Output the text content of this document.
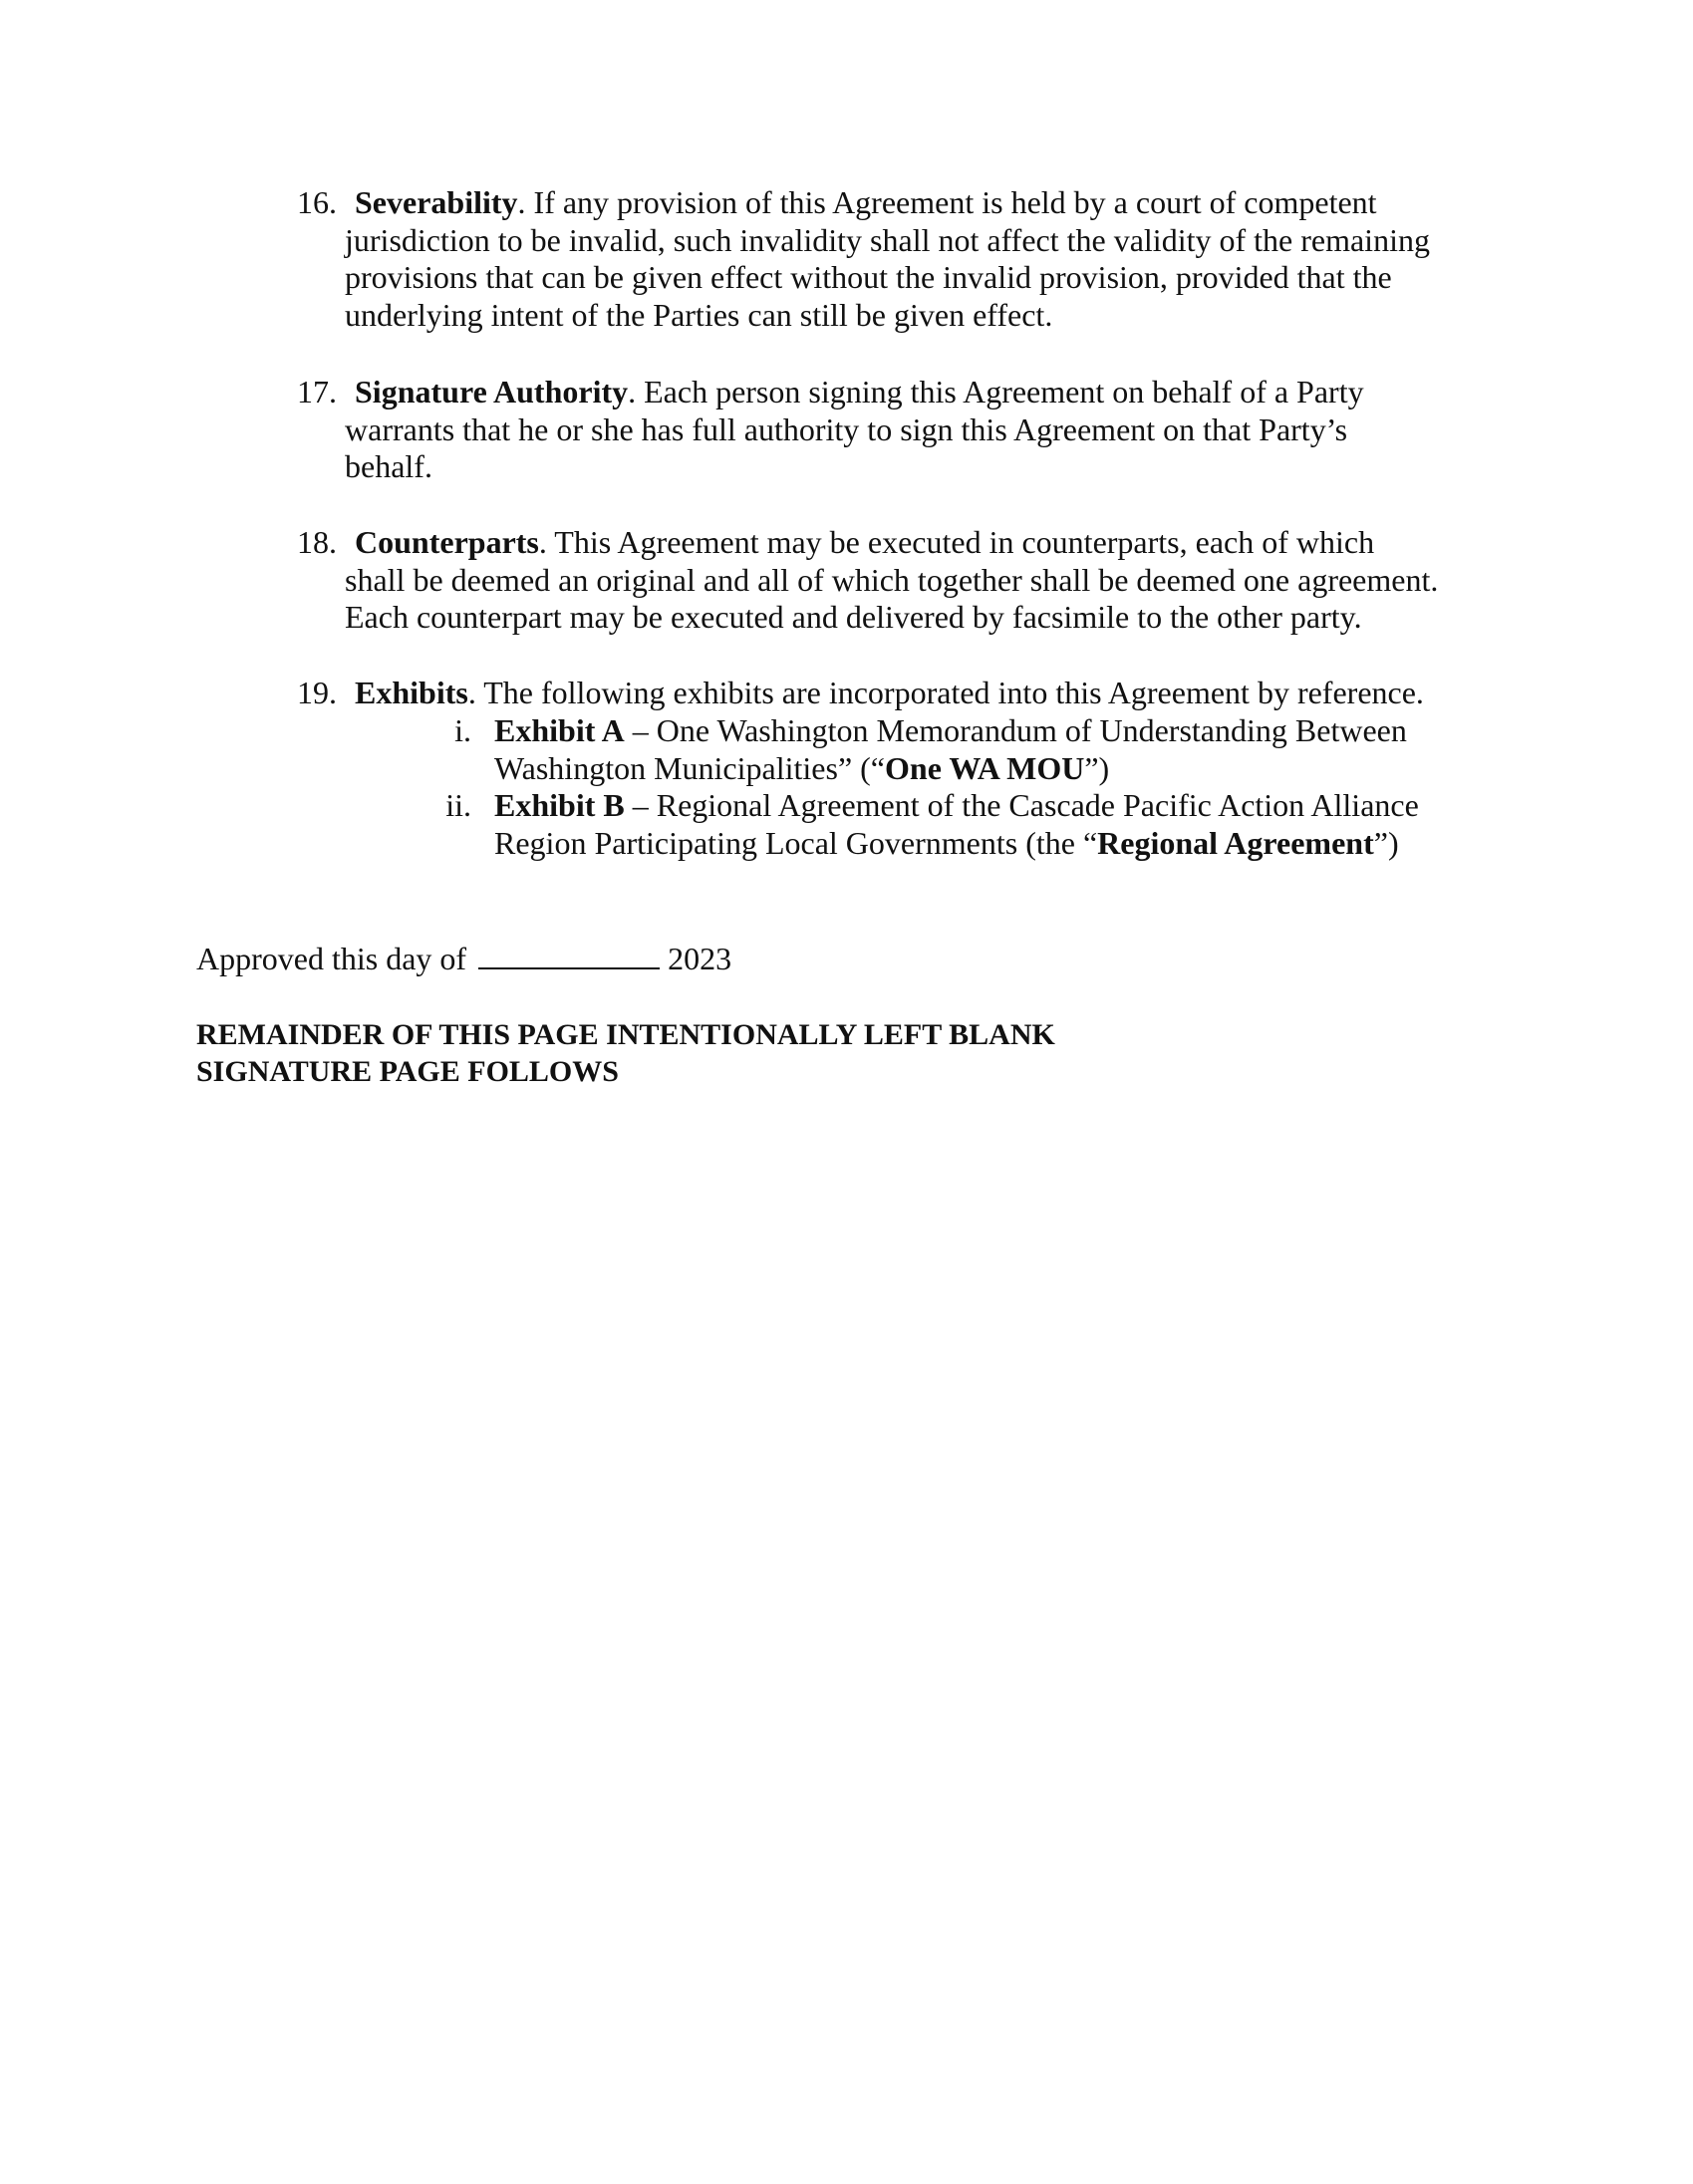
16. Severability. If any provision of this Agreement is held by a court of competent
jurisdiction to be invalid, such invalidity shall not affect the validity of the remaining
provisions that can be given effect without the invalid provision, provided that the
underlying intent of the Parties can still be given effect.
17. Signature Authority. Each person signing this Agreement on behalf of a Party
warrants that he or she has full authority to sign this Agreement on that Party’s
behalf.
18. Counterparts. This Agreement may be executed in counterparts, each of which
shall be deemed an original and all of which together shall be deemed one agreement.
Each counterpart may be executed and delivered by facsimile to the other party.
19. Exhibits. The following exhibits are incorporated into this Agreement by reference.
i. Exhibit A – One Washington Memorandum of Understanding Between
Washington Municipalities” (“One WA MOU”)
ii. Exhibit B – Regional Agreement of the Cascade Pacific Action Alliance
Region Participating Local Governments (the “Regional Agreement”)
Approved this day of	2023
REMAINDER OF THIS PAGE INTENTIONALLY LEFT BLANK
SIGNATURE PAGE FOLLOWS
